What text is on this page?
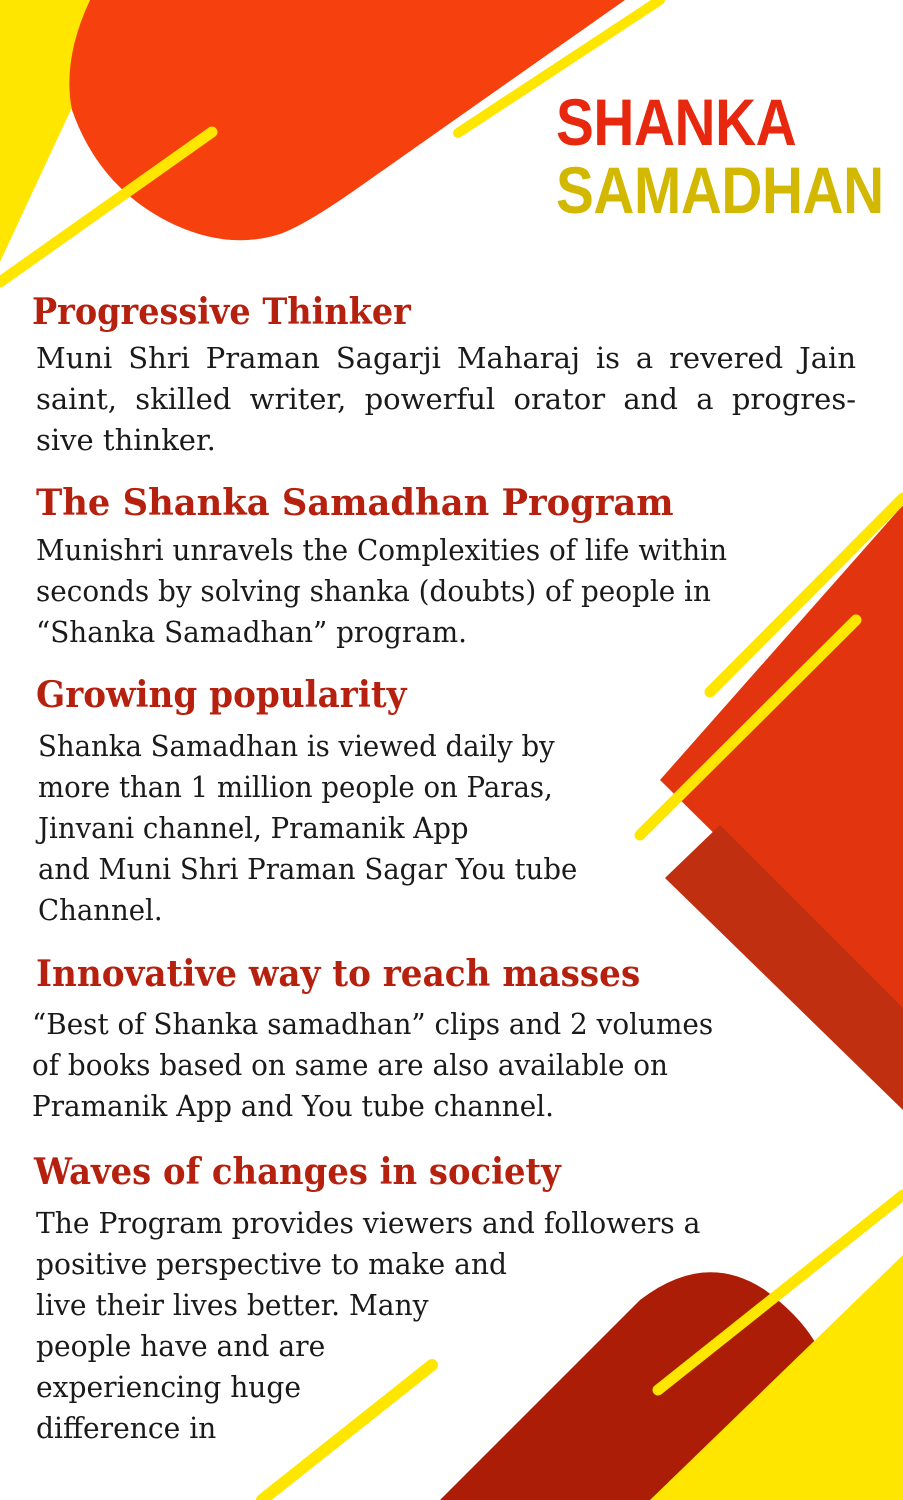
SHANKA
SAMADHAN
Progressive Thinker
Muni Shri Praman Sagarji Maharaj is a revered Jain
saint, skilled writer, powerful orator and a progres-
sive thinker.
The Shanka Samadhan Program
Munishri unravels the Complexities of life within
seconds by solving shanka (doubts) of people in
“Shanka Samadhan” program.
Growing popularity
Shanka Samadhan is viewed daily by
more than 1 million people on Paras,
Jinvani channel, Pramanik App
and Muni Shri Praman Sagar You tube
Channel.
Innovative way to reach masses
“Best of Shanka samadhan” clips and 2 volumes
of books based on same are also available on
Pramanik App and You tube channel.
Waves of changes in society
The Program provides viewers and followers a
positive perspective to make and
live their lives better. Many
people have and are
experiencing huge
difference in
